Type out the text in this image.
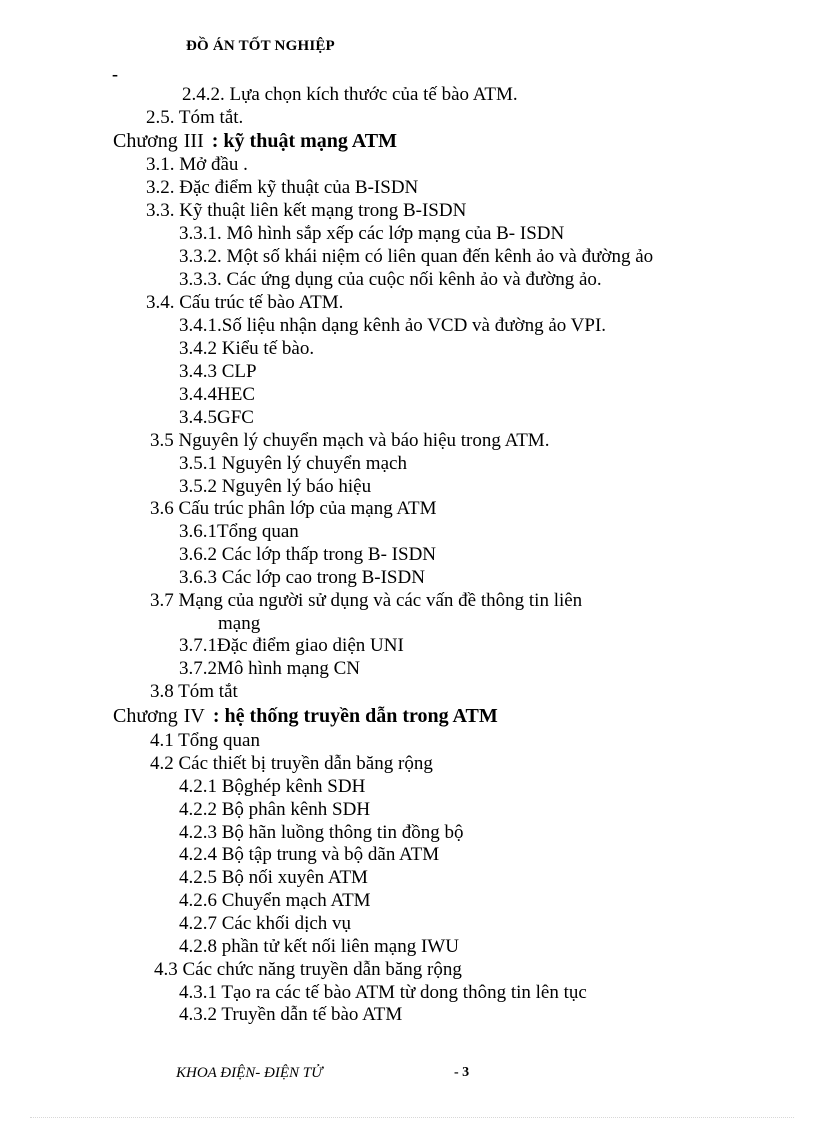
ĐỒ ÁN TỐT NGHIỆP
-
2.4.2. Lựa chọn kích thước của tế bào ATM.
2.5. Tóm tắt.
Chương III : kỹ thuật mạng ATM
3.1. Mở đầu .
3.2. Đặc điểm kỹ thuật của B-ISDN
3.3. Kỹ thuật liên kết mạng trong B-ISDN
3.3.1. Mô hình sắp xếp các lớp mạng của B- ISDN
3.3.2. Một số khái niệm có liên quan đến kênh ảo và đường ảo
3.3.3. Các ứng dụng của cuộc nối kênh ảo và đường ảo.
3.4. Cấu trúc tế bào ATM.
3.4.1.Số liệu nhận dạng kênh ảo VCD và đường ảo VPI.
3.4.2 Kiểu tế bào.
3.4.3 CLP
3.4.4HEC
3.4.5GFC
3.5 Nguyên lý chuyển mạch và báo hiệu trong ATM.
3.5.1 Nguyên lý chuyển mạch
3.5.2 Nguyên lý báo hiệu
3.6 Cấu trúc phân lớp của mạng ATM
3.6.1Tổng quan
3.6.2 Các lớp thấp trong B- ISDN
3.6.3 Các lớp cao trong B-ISDN
3.7 Mạng của người sử dụng và các vấn đề thông tin liên
mạng
3.7.1Đặc điểm giao diện UNI
3.7.2Mô hình mạng CN
3.8 Tóm tắt
Chương IV : hệ thống truyền dẫn trong ATM
4.1 Tổng quan
4.2 Các thiết bị truyền dẫn băng rộng
4.2.1 Bộghép kênh SDH
4.2.2 Bộ phân kênh SDH
4.2.3 Bộ hãn luồng thông tin đồng bộ
4.2.4 Bộ tập trung và bộ dãn ATM
4.2.5 Bộ nối xuyên ATM
4.2.6 Chuyển mạch ATM
4.2.7 Các khối dịch vụ
4.2.8 phần tử kết nối liên mạng IWU
4.3 Các chức năng truyền dẫn băng rộng
4.3.1 Tạo ra các tế bào ATM từ dong thông tin lên tục
4.3.2 Truyền dẫn tế bào ATM
KHOA ĐIỆN- ĐIỆN TỬ	- 3
